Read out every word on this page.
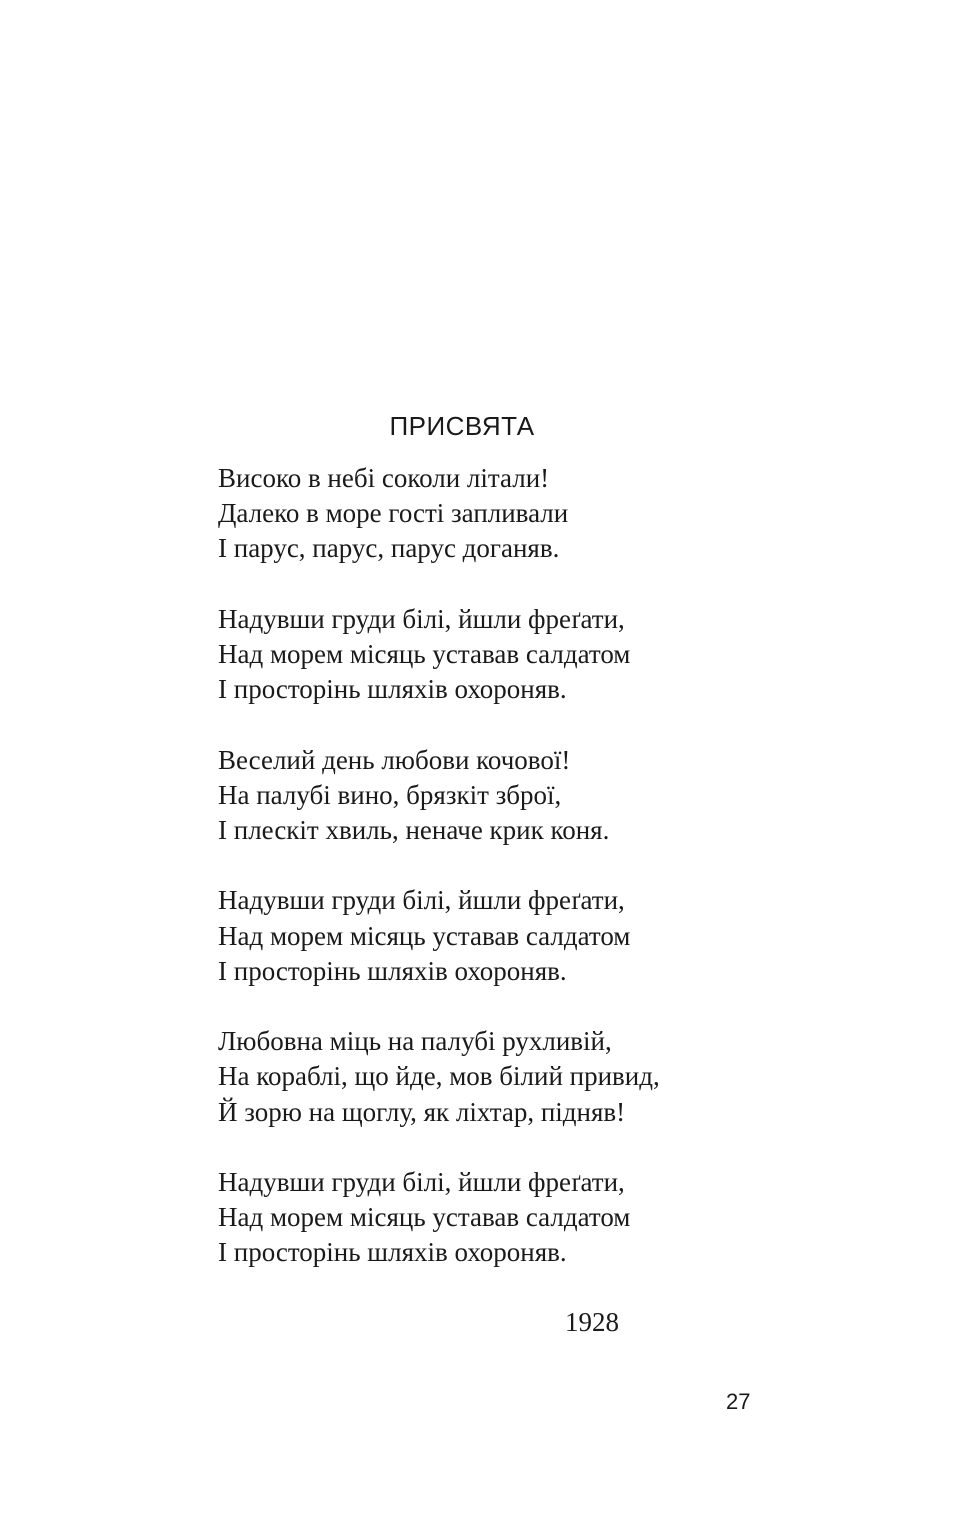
ПРИСВЯТА
Високо в небі соколи літали!
Далеко в море гості запливали
І парус, парус, парус доганяв.
Надувши груди білі, йшли фреґати,
Над морем місяць уставав салдатом
І просторінь шляхів охороняв.
Веселий день любови кочової!
На палубі вино, брязкіт зброї,
І плескіт хвиль, неначе крик коня.
Надувши груди білі, йшли фреґати,
Над морем місяць уставав салдатом
І просторінь шляхів охороняв.
Любовна міць на палубі рухливій,
На кораблі, що йде, мов білий привид,
Й зорю на щоглу, як ліхтар, підняв!
Надувши груди білі, йшли фреґати,
Над морем місяць уставав салдатом
І просторінь шляхів охороняв.
1928
27
